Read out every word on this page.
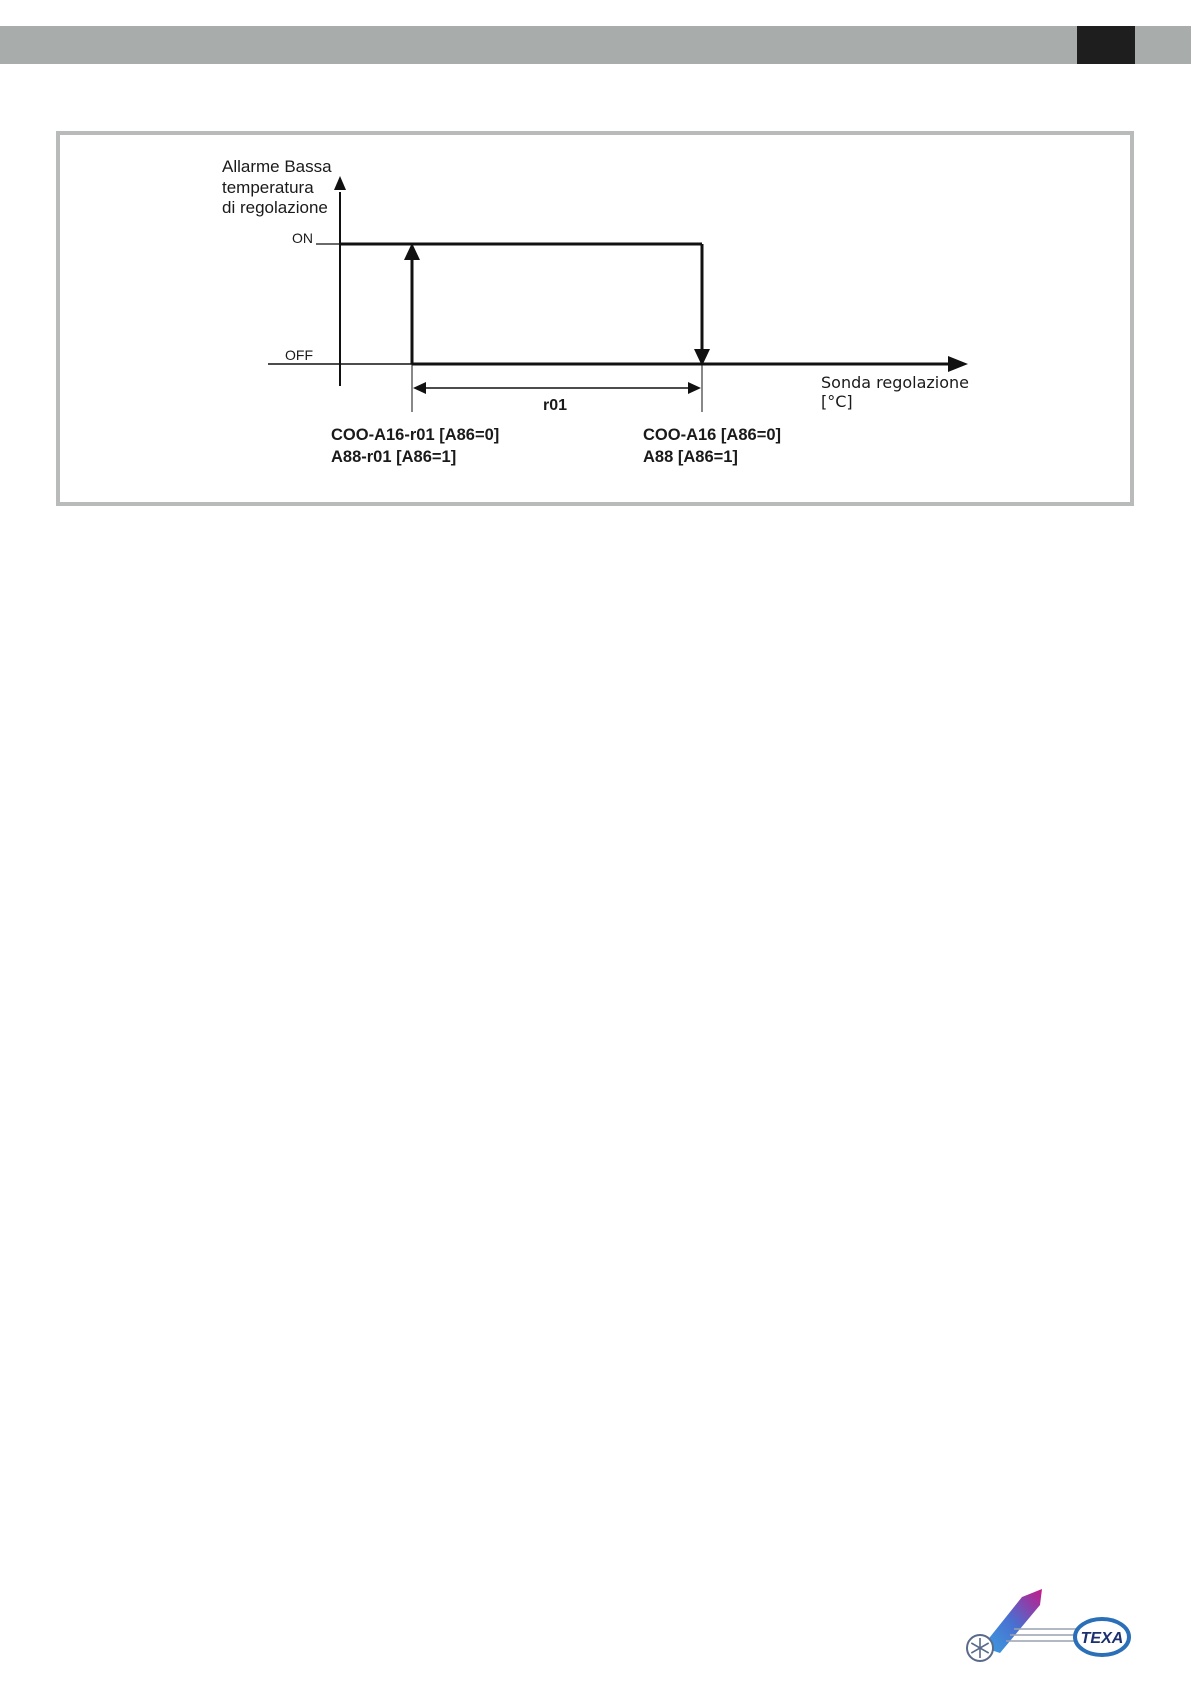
Allarme Bassa
temperatura
di regolazione
ON
OFF
Sonda regolazione
[°C]
r01
COO-A16-r01 [A86=0]
A88-r01 [A86=1]
COO-A16 [A86=0]
A88 [A86=1]
TEXA
